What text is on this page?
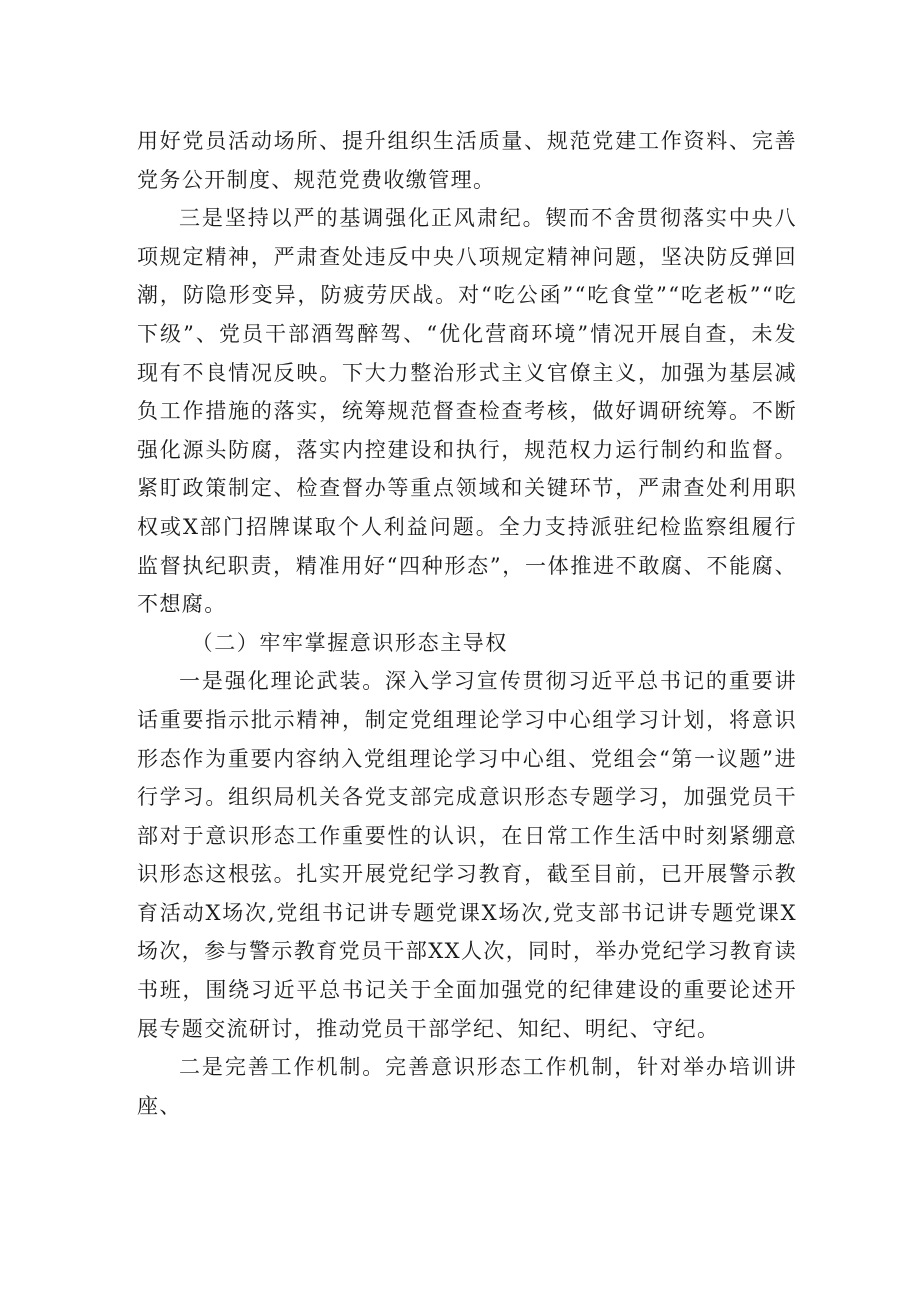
用好党员活动场所、提升组织生活质量、规范党建工作资料、完善党务公开制度、规范党费收缴管理。

三是坚持以严的基调强化正风肃纪。锲而不舍贯彻落实中央八项规定精神，严肃查处违反中央八项规定精神问题，坚决防反弹回潮，防隐形变异，防疲劳厌战。对“吃公函”“吃食堂”“吃老板”“吃下级”、党员干部酒驾醉驾、“优化营商环境”情况开展自查，未发现有不良情况反映。下大力整治形式主义官僚主义，加强为基层减负工作措施的落实，统筹规范督查检查考核，做好调研统筹。不断强化源头防腐，落实内控建设和执行，规范权力运行制约和监督。紧盯政策制定、检查督办等重点领域和关键环节，严肃查处利用职权或X部门招牌谋取个人利益问题。全力支持派驻纪检监察组履行监督执纪职责，精准用好“四种形态”，一体推进不敢腐、不能腐、不想腐。

（二）牢牢掌握意识形态主导权

一是强化理论武装。深入学习宣传贯彻习近平总书记的重要讲话重要指示批示精神，制定党组理论学习中心组学习计划，将意识形态作为重要内容纳入党组理论学习中心组、党组会“第一议题”进行学习。组织局机关各党支部完成意识形态专题学习，加强党员干部对于意识形态工作重要性的认识，在日常工作生活中时刻紧绷意识形态这根弦。扎实开展党纪学习教育，截至目前，已开展警示教育活动X场次,党组书记讲专题党课X场次,党支部书记讲专题党课X场次，参与警示教育党员干部XX人次，同时，举办党纪学习教育读书班，围绕习近平总书记关于全面加强党的纪律建设的重要论述开展专题交流研讨，推动党员干部学纪、知纪、明纪、守纪。

二是完善工作机制。完善意识形态工作机制，针对举办培训讲座、
